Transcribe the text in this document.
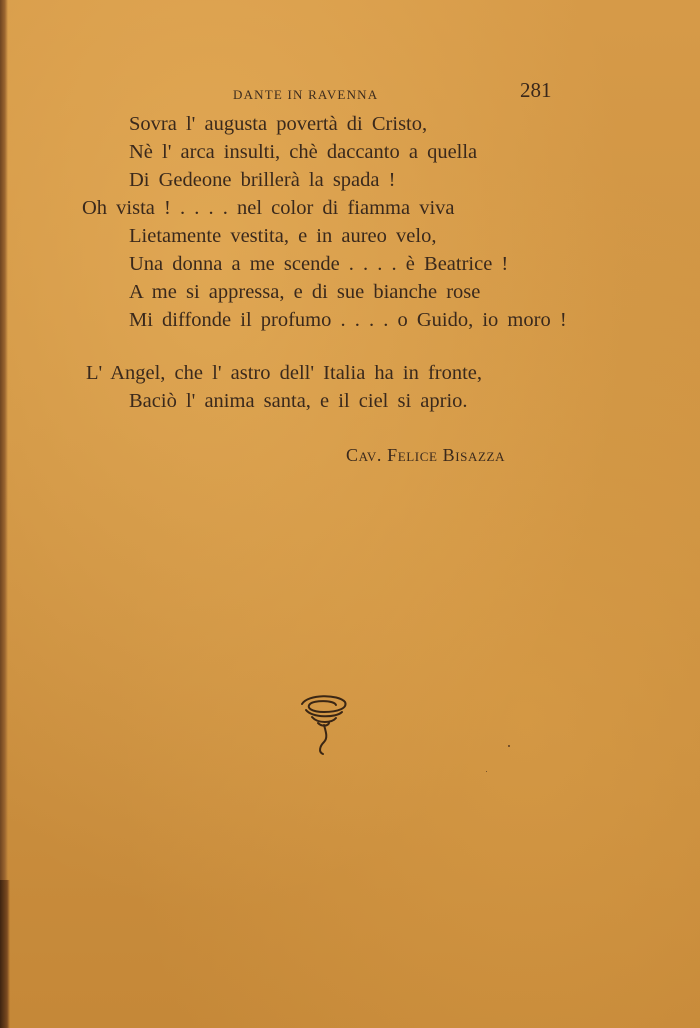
DANTE IN RAVENNA	281
Sovra l' augusta povertà di Cristo,
Nè l' arca insulti, chè daccanto a quella
Di Gedeone brillerà la spada !
Oh vista ! . . . . nel color di fiamma viva
Lietamente vestita, e in aureo velo,
Una donna a me scende . . . . è Beatrice !
A me si appressa, e di sue bianche rose
Mi diffonde il profumo . . . . o Guido, io moro !
L' Angel, che l' astro dell' Italia ha in fronte,
Baciò l' anima santa, e il ciel si aprio.
Cav. Felice Bisazza
